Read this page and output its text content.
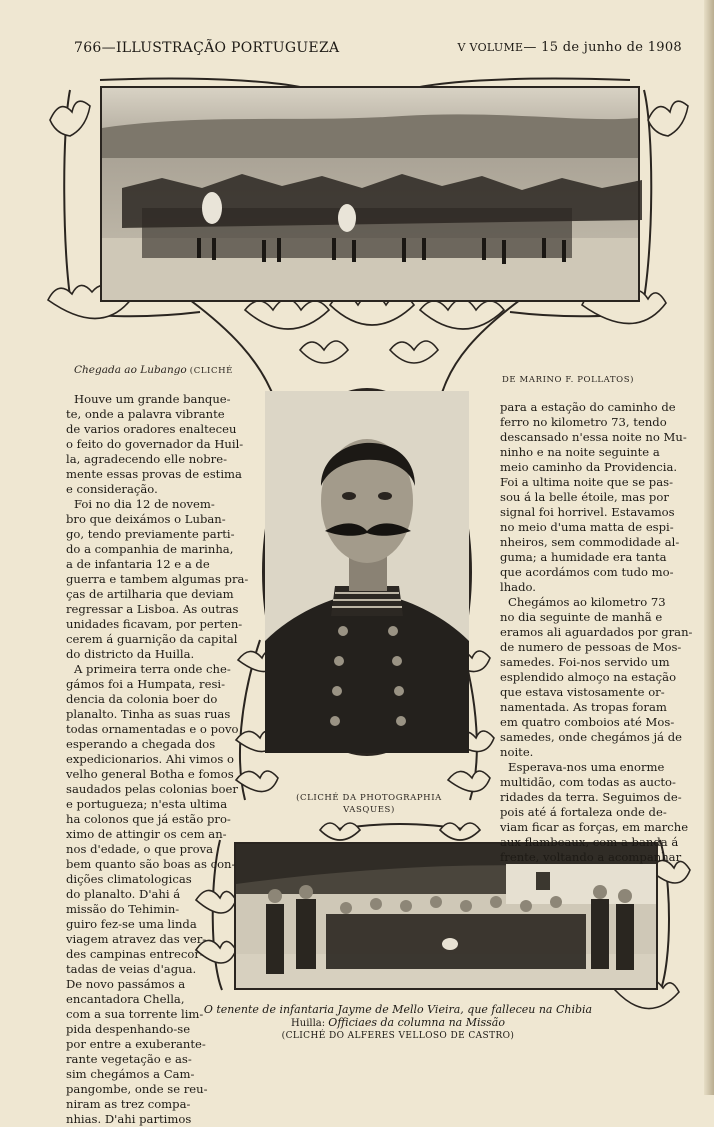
766—ILLUSTRAÇÃO PORTUGUEZA	V VOLUME— 15 de junho de 1908
Chegada ao Lubango (CLICHÉ
DE MARINO F. POLLATOS)
(CLICHÉ DA PHOTOGRAPHIA
VASQUES)
O tenente de infantaria Jayme de Mello Vieira, que falleceu na Chibia
Huilla: Officiaes da columna na Missão
(CLICHÉ DO ALFERES VELLOSO DE CASTRO)
Houve um grande banque-
te, onde a palavra vibrante
de varios oradores enalteceu
o feito do governador da Huil-
la, agradecendo elle nobre-
mente essas provas de estima
e consideração.
Foi no dia 12 de novem-
bro que deixámos o Luban-
go, tendo previamente parti-
do a companhia de marinha,
a de infantaria 12 e a de
guerra e tambem algumas pra-
ças de artilharia que deviam
regressar a Lisboa. As outras
unidades ficavam, por perten-
cerem á guarnição da capital
do districto da Huilla.
A primeira terra onde che-
gámos foi a Humpata, resi-
dencia da colonia boer do
planalto. Tinha as suas ruas
todas ornamentadas e o povo
esperando a chegada dos
expedicionarios. Ahi vimos o
velho general Botha e fomos
saudados pelas colonias boer
e portugueza; n'esta ultima
ha colonos que já estão pro-
ximo de attingir os cem an-
nos d'edade, o que prova
bem quanto são boas as con-
dições climatologicas
do planalto. D'ahi á
missão do Tehimin-
guiro fez-se uma linda
viagem atravez das ver-
des campinas entrecor-
tadas de veias d'agua.
De novo passámos a
encantadora Chella,
com a sua torrente lim-
pida despenhando-se
por entre a exuberante-
rante vegetação e as-
sim chegámos a Cam-
pangombe, onde se reu-
niram as trez compa-
nhias. D'ahi partimos
para a estação do caminho de
ferro no kilometro 73, tendo
descansado n'essa noite no Mu-
ninho e na noite seguinte a
meio caminho da Providencia.
Foi a ultima noite que se pas-
sou á la belle étoile, mas por
signal foi horrivel. Estavamos
no meio d'uma matta de espi-
nheiros, sem commodidade al-
guma; a humidade era tanta
que acordámos com tudo mo-
lhado.
Chegámos ao kilometro 73
no dia seguinte de manhã e
eramos ali aguardados por gran-
de numero de pessoas de Mos-
samedes. Foi-nos servido um
esplendido almoço na estação
que estava vistosamente or-
namentada. As tropas foram
em quatro comboios até Mos-
samedes, onde chegámos já de
noite.
Esperava-nos uma enorme
multidão, com todas as aucto-
ridades da terra. Seguimos de-
pois até á fortaleza onde de-
viam ficar as forças, em marche
aux flambeaux, com a banda á
frente, voltando a acompanhar
